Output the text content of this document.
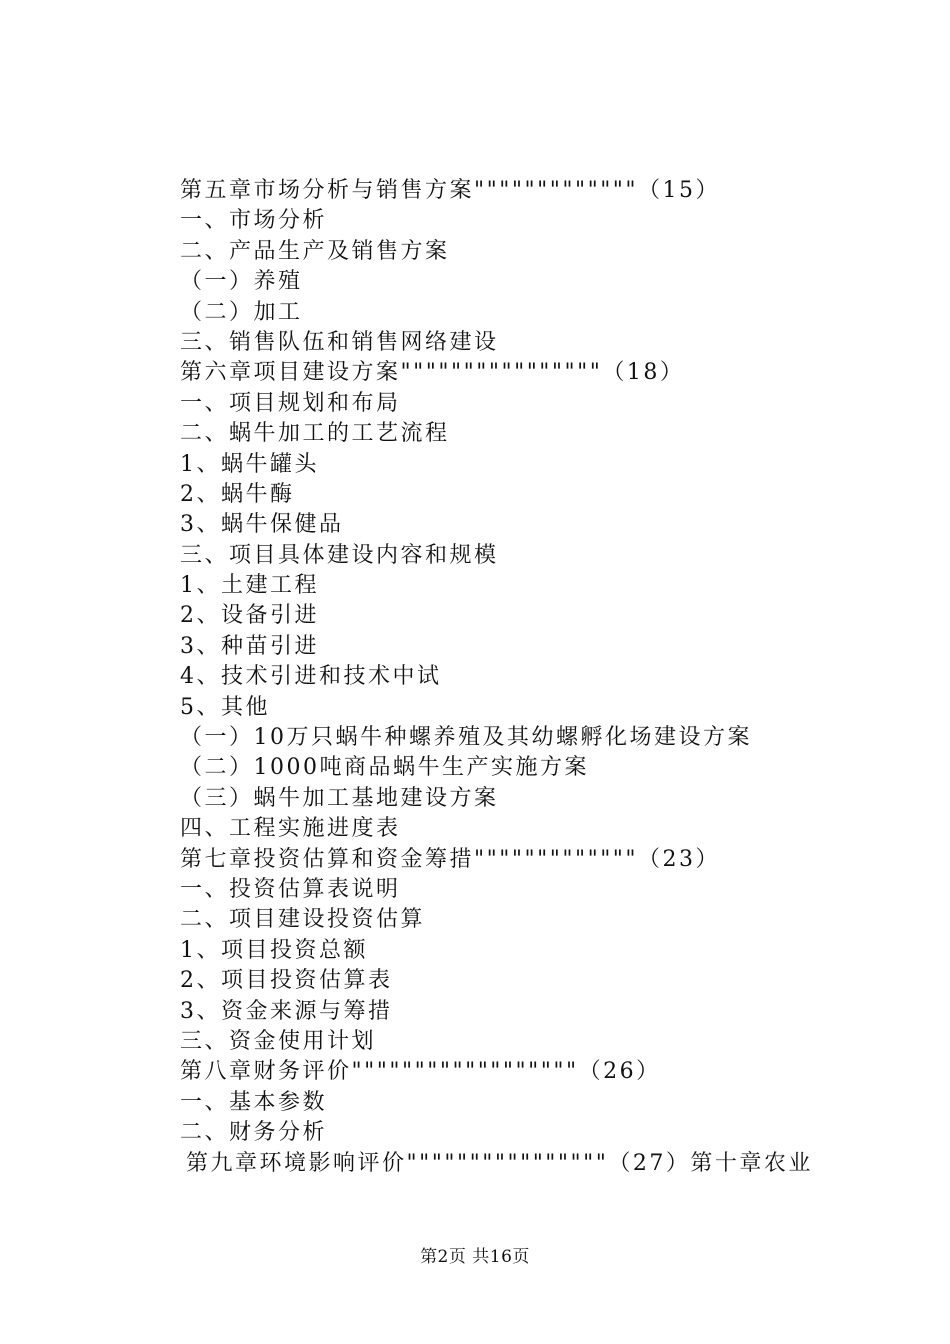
第五章市场分析与销售方案"""""""""""""（15）
一、市场分析
二、产品生产及销售方案
（一）养殖
（二）加工
三、销售队伍和销售网络建设
第六章项目建设方案""""""""""""""""（18）
一、项目规划和布局
二、蜗牛加工的工艺流程
1、蜗牛罐头
2、蜗牛酶
3、蜗牛保健品
三、项目具体建设内容和规模
1、土建工程
2、设备引进
3、种苗引进
4、技术引进和技术中试
5、其他
（一）10万只蜗牛种螺养殖及其幼螺孵化场建设方案
（二）1000吨商品蜗牛生产实施方案
（三）蜗牛加工基地建设方案
四、工程实施进度表
第七章投资估算和资金筹措"""""""""""""（23）
一、投资估算表说明
二、项目建设投资估算
1、项目投资总额
2、项目投资估算表
3、资金来源与筹措
三、资金使用计划
第八章财务评价""""""""""""""""""（26）
一、基本参数
二、财务分析
第九章环境影响评价""""""""""""""""（27）第十章农业
第2页 共16页
